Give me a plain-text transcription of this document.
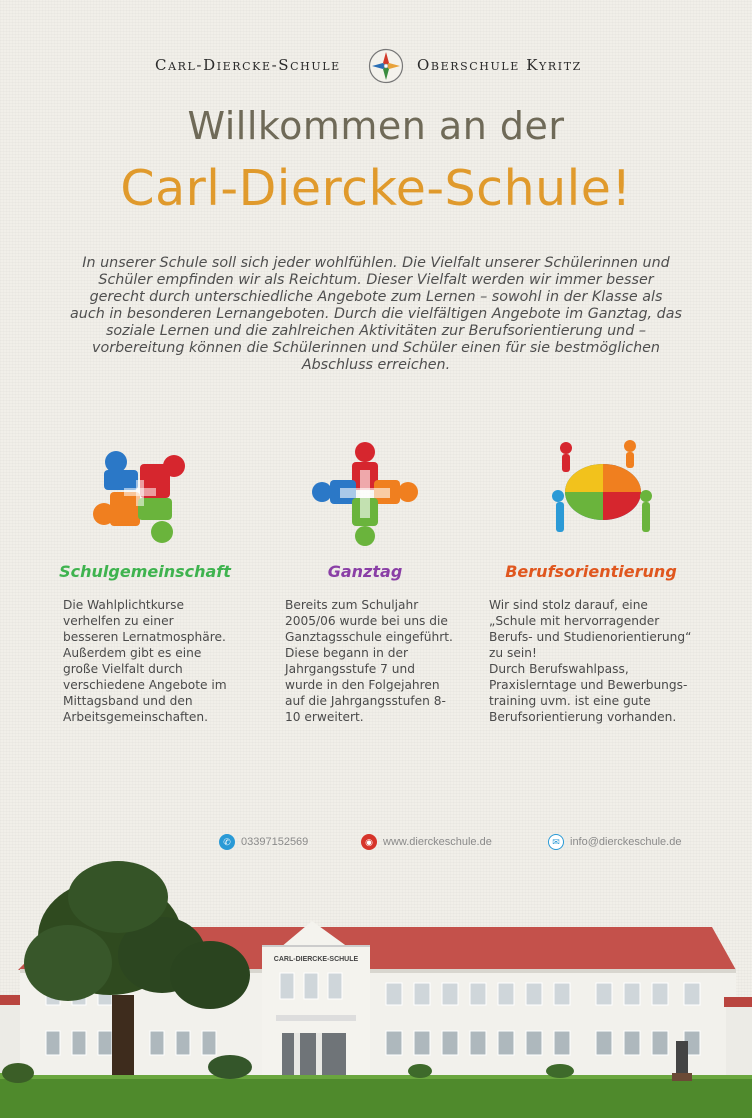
Carl-Diercke-Schule	Oberschule Kyritz
Willkommen an der
Carl-Diercke-Schule!
In unserer Schule soll sich jeder wohlfühlen. Die Vielfalt unserer Schülerinnen und Schüler empfinden wir als Reichtum. Dieser Vielfalt werden wir immer besser gerecht durch unterschiedliche Angebote zum Lernen – sowohl in der Klasse als auch in besonderen Lernangeboten. Durch die vielfältigen Angebote im Ganztag, das soziale Lernen und die zahlreichen Aktivitäten zur Berufsorientierung und –vorbereitung können die Schülerinnen und Schüler einen für sie bestmöglichen Abschluss erreichen.
Schulgemeinschaft	Ganztag	Berufsorientierung
Die Wahlplichtkurse
verhelfen zu einer
besseren Lernatmosphäre.
Außerdem gibt es eine
große Vielfalt durch
verschiedene Angebote im
Mittagsband und den
Arbeitsgemeinschaften.
Bereits zum Schuljahr
2005/06 wurde bei uns die
Ganztagsschule eingeführt.
Diese begann in der
Jahrgangsstufe 7 und
wurde in den Folgejahren
auf die Jahrgangsstufen 8-
10 erweitert.
Wir sind stolz darauf, eine
„Schule mit hervorragender
Berufs- und Studienorientierung“
zu sein!
Durch Berufswahlpass,
Praxislerntage und Bewerbungs-
training uvm. ist eine gute
Berufsorientierung vorhanden.
✆ 03397152569	◉ www.dierckeschule.de	✉ info@dierckeschule.de
CARL-DIERCKE-SCHULE
